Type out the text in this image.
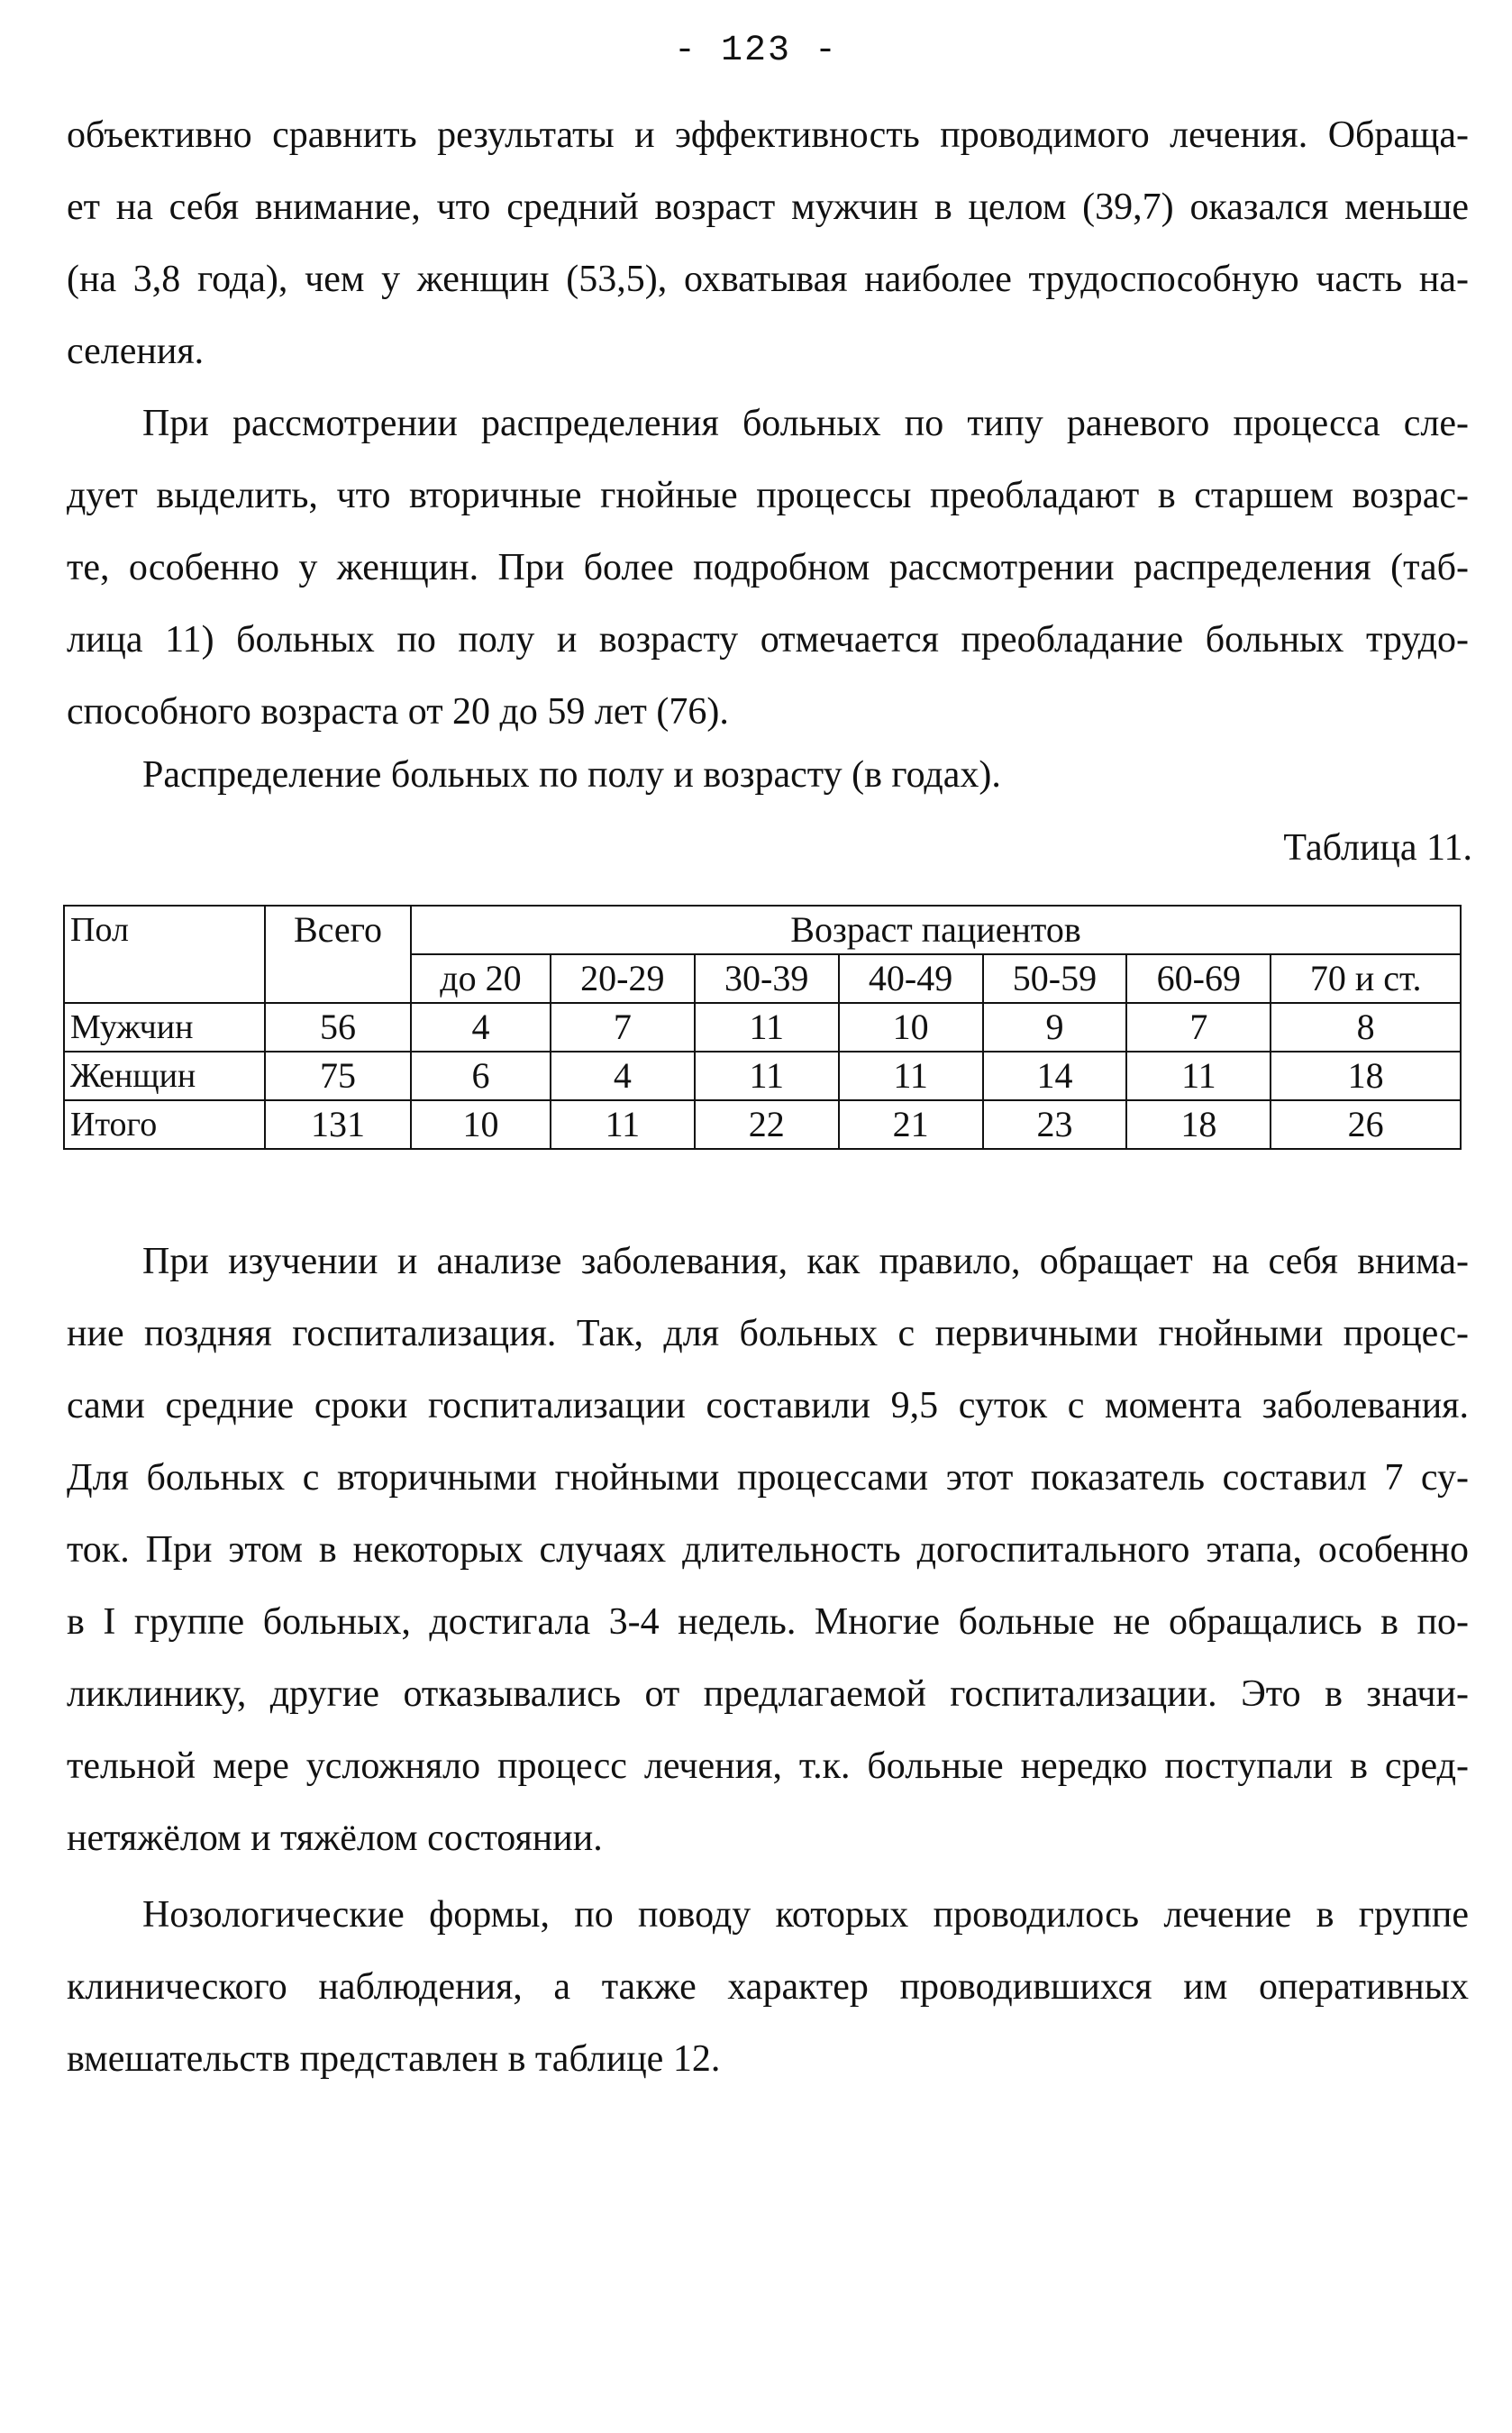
- 123 -
объективно сравнить результаты и эффективность проводимого лечения. Обраща-
ет на себя внимание, что средний возраст мужчин в целом (39,7) оказался меньше
(на 3,8 года), чем у женщин (53,5), охватывая наиболее трудоспособную часть на-
селения.
При рассмотрении распределения больных по типу раневого процесса сле-
дует выделить, что вторичные гнойные процессы преобладают в старшем возрас-
те, особенно у женщин. При более подробном рассмотрении распределения (таб-
лица 11) больных по полу и возрасту отмечается преобладание больных трудо-
способного возраста от 20 до 59 лет (76).

Распределение больных по полу и возрасту (в годах).

Таблица 11.

Пол	Всего	Возраст пациентов						
		до 20	20-29	30-39	40-49	50-59	60-69	70 и ст.
Мужчин	56	4	7	11	10	9	7	8
Женщин	75	6	4	11	11	14	11	18
Итого	131	10	11	22	21	23	18	26
При изучении и анализе заболевания, как правило, обращает на себя внима-
ние поздняя госпитализация. Так, для больных с первичными гнойными процес-
сами средние сроки госпитализации составили 9,5 суток с момента заболевания.
Для больных с вторичными гнойными процессами этот показатель составил 7 су-
ток. При этом в некоторых случаях длительность догоспитального этапа, особенно
в I группе больных, достигала 3-4 недель. Многие больные не обращались в по-
ликлинику, другие отказывались от предлагаемой госпитализации. Это в значи-
тельной мере усложняло процесс лечения, т.к. больные нередко поступали в сред-
нетяжёлом и тяжёлом состоянии.
Нозологические формы, по поводу которых проводилось лечение в группе
клинического наблюдения, а также характер проводившихся им оперативных
вмешательств представлен в таблице 12.
